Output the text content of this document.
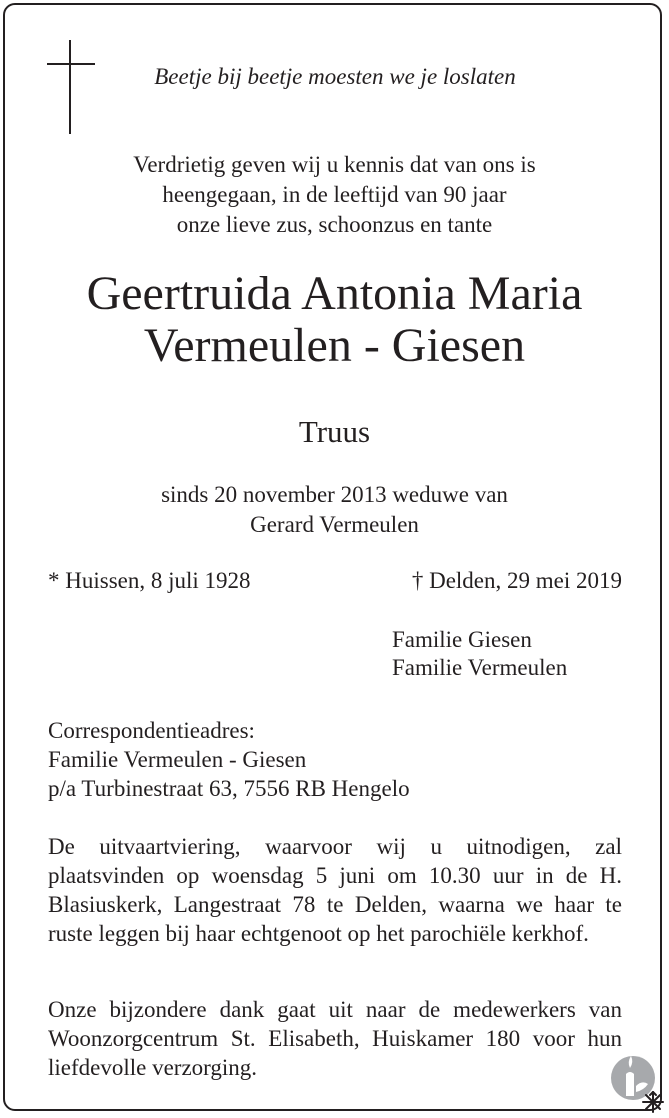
Beetje bij beetje moesten we je loslaten
Verdrietig geven wij u kennis dat van ons is
heengegaan, in de leeftijd van 90 jaar
onze lieve zus, schoonzus en tante
Geertruida Antonia Maria
Vermeulen - Giesen
Truus
sinds 20 november 2013 weduwe van
Gerard Vermeulen
* Huissen, 8 juli 1928	† Delden, 29 mei 2019
Familie Giesen
Familie Vermeulen
Correspondentieadres:
Familie Vermeulen - Giesen
p/a Turbinestraat 63, 7556 RB Hengelo
De uitvaartviering, waarvoor wij u uitnodigen, zal plaatsvinden op woensdag 5 juni om 10.30 uur in de H. Blasiuskerk, Langestraat 78 te Delden, waarna we haar te ruste leggen bij haar echtgenoot op het parochiële kerkhof.
Onze bijzondere dank gaat uit naar de medewerkers van Woonzorgcentrum St. Elisabeth, Huiskamer 180 voor hun liefdevolle verzorging.
